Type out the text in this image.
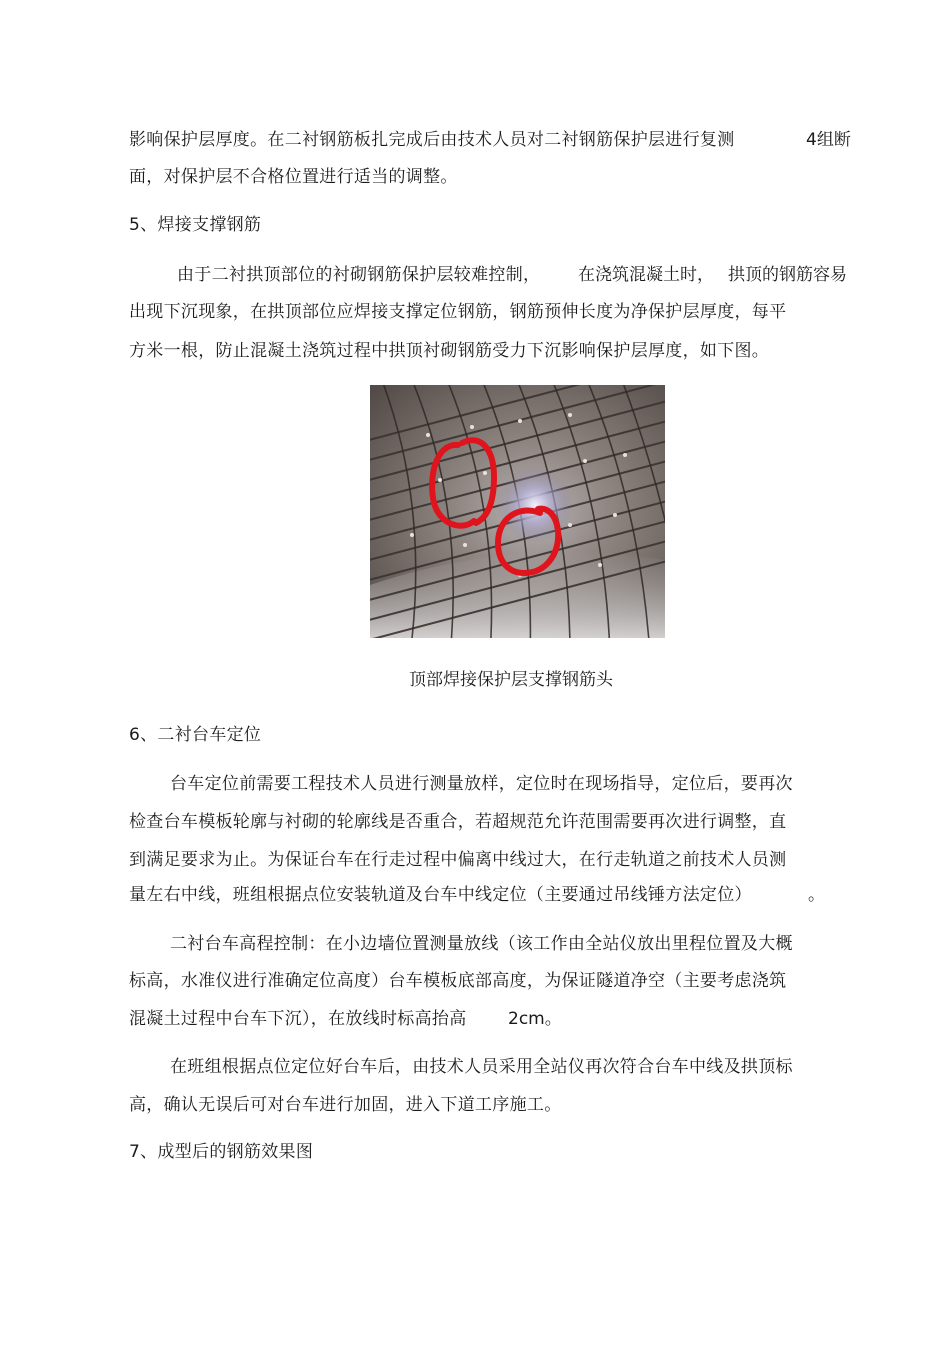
影响保护层厚度。在二衬钢筋板扎完成后由技术人员对二衬钢筋保护层进行复测	4组断
面，对保护层不合格位置进行适当的调整。
5、焊接支撑钢筋
由于二衬拱顶部位的衬砌钢筋保护层较难控制， 在浇筑混凝土时， 拱顶的钢筋容易
出现下沉现象，在拱顶部位应焊接支撑定位钢筋，钢筋预伸长度为净保护层厚度，每平
方米一根，防止混凝土浇筑过程中拱顶衬砌钢筋受力下沉影响保护层厚度，如下图。
顶部焊接保护层支撑钢筋头
6、二衬台车定位
台车定位前需要工程技术人员进行测量放样，定位时在现场指导，定位后，要再次
检查台车模板轮廓与衬砌的轮廓线是否重合，若超规范允许范围需要再次进行调整，直
到满足要求为止。为保证台车在行走过程中偏离中线过大，在行走轨道之前技术人员测
量左右中线，班组根据点位安装轨道及台车中线定位（主要通过吊线锤方法定位）	。
二衬台车高程控制：在小边墙位置测量放线（该工作由全站仪放出里程位置及大概
标高，水准仪进行准确定位高度）台车模板底部高度，为保证隧道净空（主要考虑浇筑
混凝土过程中台车下沉），在放线时标高抬高 2cm。
在班组根据点位定位好台车后，由技术人员采用全站仪再次符合台车中线及拱顶标
高，确认无误后可对台车进行加固，进入下道工序施工。
7、成型后的钢筋效果图
